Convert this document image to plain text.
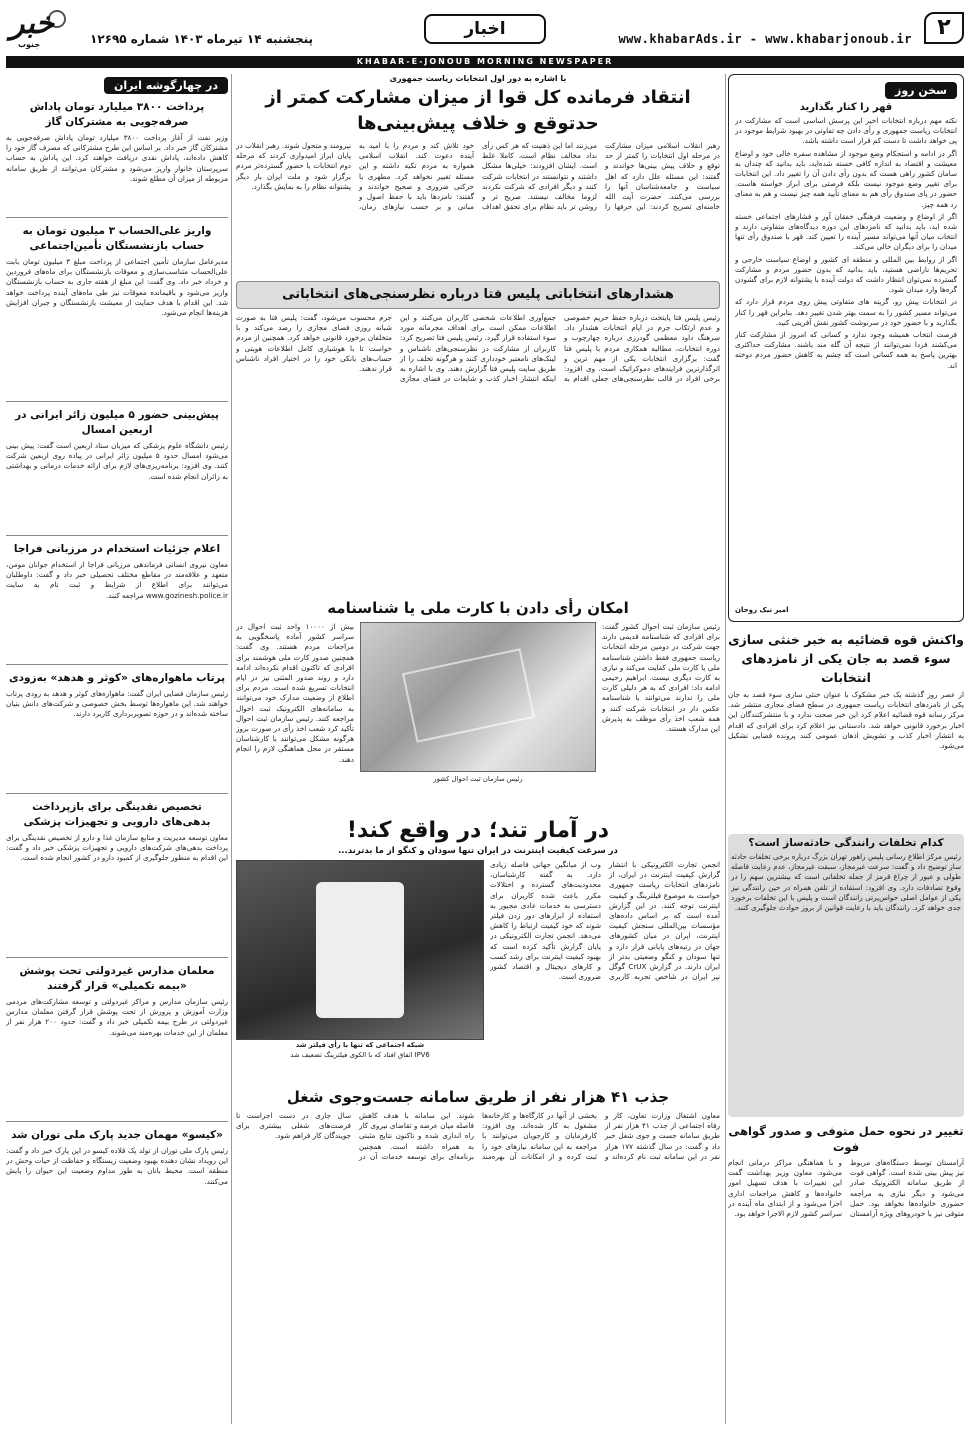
۲
www.khabarAds.ir - www.khabarjonoub.ir
اخبار
پنجشنبه ۱۴ تیرماه ۱۴۰۳ شماره ۱۲۶۹۵
خبر
جنوب
KHABAR-E-JONOUB MORNING NEWSPAPER
سخن روز
قهر را کنار بگذارید

نکته مهم درباره انتخابات اخیر این پرسش اساسی است که مشارکت در انتخابات ریاست جمهوری و رأی دادن چه تفاوتی در بهبود شرایط موجود در پی خواهد داشت تا دست کم قرار است داشته باشد.

اگر در ادامه و استحکام وضع موجود از مشاهده سفره خالی خود و اوضاع معیشت و اقتصاد به اندازه کافی خسته شده‌اید، باید بدانید که چندان به سامان کشور راهی هست که بدون رأی دادن آن را تغییر داد. این انتخابات برای تغییر وضع موجود نیست بلکه فرصتی برای ابراز خواسته هاست. حضور در پای صندوق رأی هم به معنای تأیید همه چیز نیست و هم به معنای رد همه چیز.

اگر از اوضاع و وضعیت فرهنگی خفقان آور و فشارهای اجتماعی خسته شده اید، باید بدانید که نامزدهای این دوره دیدگاه‌های متفاوتی دارند و انتخاب میان آنها می‌تواند مسیر آینده را تعیین کند. قهر با صندوق رأی تنها میدان را برای دیگران خالی می‌کند.

اگر از روابط بین المللی و منطقه ای کشور و اوضاع سیاست خارجی و تحریم‌ها ناراضی هستید، باید بدانید که بدون حضور مردم و مشارکت گسترده نمی‌توان انتظار داشت که دولت آینده با پشتوانه لازم برای گشودن گره‌ها وارد میدان شود.

در انتخابات پیش رو، گزینه های متفاوتی پیش روی مردم قرار دارد که می‌تواند مسیر کشور را به سمت بهتر شدن تغییر دهد. بنابراین قهر را کنار بگذارید و با حضور خود در سرنوشت کشور نقش آفرینی کنید.

فرصت انتخاب همیشه وجود ندارد و کسانی که امروز از مشارکت کنار می‌کشند فردا نمی‌توانند از نتیجه آن گله مند باشند. مشارکت حداکثری بهترین پاسخ به همه کسانی است که چشم به کاهش حضور مردم دوخته اند.

امیر نیک روحان
واکنش قوه قضائیه به خبر خنثی سازی سوء قصد به جان یکی از نامزدهای انتخابات
از عصر روز گذشته یک خبر مشکوک با عنوان خنثی سازی سوء قصد به جان یکی از نامزدهای انتخابات ریاست جمهوری در سطح فضای مجازی منتشر شد. مرکز رسانه قوه قضائیه اعلام کرد این خبر صحت ندارد و با منتشرکنندگان این اخبار برخورد قانونی خواهد شد. دادستانی نیز اعلام کرد برای افرادی که اقدام به انتشار اخبار کذب و تشویش اذهان عمومی کنند پرونده قضایی تشکیل می‌شود.
کدام تخلفات رانندگی حادثه‌ساز است؟
رئیس مرکز اطلاع رسانی پلیس راهور تهران بزرگ درباره برخی تخلفات حادثه ساز توضیح داد و گفت: سرعت غیرمجاز، سبقت غیرمجاز، عدم رعایت فاصله طولی و عبور از چراغ قرمز از جمله تخلفاتی است که بیشترین سهم را در وقوع تصادفات دارد. وی افزود: استفاده از تلفن همراه در حین رانندگی نیز یکی از عوامل اصلی حواس‌پرتی رانندگان است و پلیس با این تخلفات برخورد جدی خواهد کرد. رانندگان باید با رعایت قوانین از بروز حوادث جلوگیری کنند.
تغییر در نحوه حمل متوفی و صدور گواهی فوت
آرامستان توسط دستگاه‌های مربوط نیز پیش بینی شده است. گواهی فوت از طریق سامانه الکترونیک صادر می‌شود و دیگر نیازی به مراجعه حضوری خانواده‌ها نخواهد بود. حمل متوفی نیز با خودروهای ویژه آرامستان و با هماهنگی مراکز درمانی انجام می‌شود. معاون وزیر بهداشت گفت این تغییرات با هدف تسهیل امور خانواده‌ها و کاهش مراجعات اداری اجرا می‌شود و از ابتدای ماه آینده در سراسر کشور لازم الاجرا خواهد بود.
با اشاره به دور اول انتخابات ریاست جمهوری
انتقاد فرمانده کل قوا از میزان مشارکت کمتر از حدتوقع و خلاف پیش‌بینی‌ها
رهبر انقلاب اسلامی میزان مشارکت در مرحله اول انتخابات را کمتر از حد توقع و خلاف پیش بینی‌ها خواندند و گفتند: این مسئله علل دارد که اهل سیاست و جامعه‌شناسان آنها را بررسی می‌کنند. حضرت آیت الله خامنه‌ای تصریح کردند: این حرفها را می‌زنند اما این ذهنیت که هر کس رأی نداد مخالف نظام است، کاملا غلط است. ایشان افزودند: خیلی‌ها مشکل داشتند و نتوانستند در انتخابات شرکت کنند و دیگر افرادی که شرکت نکردند لزوما مخالف نیستند. صریح تر و روشن تر باید نظام برای تحقق اهداف خود تلاش کند و مردم را با امید به آینده دعوت کند. انقلاب اسلامی همواره به مردم تکیه داشته و این مسئله تغییر نخواهد کرد. مطهری با حرکتی ضروری و صحیح خواندند و گفتند: نامزدها باید با حفظ اصول و مبانی و بر حسب نیازهای زمان، نیرومند و متحول شوند. رهبر انقلاب در پایان ابراز امیدواری کردند که مرحله دوم انتخابات با حضور گسترده‌تر مردم برگزار شود و ملت ایران بار دیگر پشتوانه نظام را به نمایش بگذارد.
هشدارهای انتخاباتی پلیس فتا درباره نظرسنجی‌های انتخاباتی
رئیس پلیس فتا پایتخت درباره حفظ حریم خصوصی و عدم ارتکاب جرم در ایام انتخابات هشدار داد. سرهنگ داود معظمی گودرزی درباره چهارچوب و دوره انتخابات، مطالبه همکاری مردم با پلیس فتا گفت: برگزاری انتخابات یکی از مهم ترین و اثرگذارترین فرایندهای دموکراتیک است. وی افزود: برخی افراد در قالب نظرسنجی‌های جعلی اقدام به جمع‌آوری اطلاعات شخصی کاربران می‌کنند و این اطلاعات ممکن است برای اهداف مجرمانه مورد سوء استفاده قرار گیرد. رئیس پلیس فتا تصریح کرد: کاربران از مشارکت در نظرسنجی‌های ناشناس و لینک‌های نامعتبر خودداری کنند و هرگونه تخلف را از طریق سایت پلیس فتا گزارش دهند. وی با اشاره به اینکه انتشار اخبار کذب و شایعات در فضای مجازی جرم محسوب می‌شود، گفت: پلیس فتا به صورت شبانه روزی فضای مجازی را رصد می‌کند و با متخلفان برخورد قانونی خواهد کرد. همچنین از مردم خواست تا با هوشیاری کامل اطلاعات هویتی و حساب‌های بانکی خود را در اختیار افراد ناشناس قرار ندهند.
امکان رأی دادن با کارت ملی یا شناسنامه
رئیس سازمان ثبت احوال کشور گفت: برای افرادی که شناسنامه قدیمی دارند جهت شرکت در دومین مرحله انتخابات ریاست جمهوری فقط داشتن شناسنامه ملی یا کارت ملی کفایت می‌کند و نیازی به کارت دیگری نیست. ابراهیم رحیمی ادامه داد: افرادی که به هر دلیلی کارت ملی را ندارند می‌توانند با شناسنامه عکس دار در انتخابات شرکت کنند و همه شعب اخذ رأی موظف به پذیرش این مدارک هستند.
رئیس سازمان ثبت احوال کشور
بیش از ۱۰۰۰۰ واحد ثبت احوال در سراسر کشور آماده پاسخگویی به مراجعات مردم هستند. وی گفت: همچنین صدور کارت ملی هوشمند برای افرادی که تاکنون اقدام نکرده‌اند ادامه دارد و روند صدور المثنی نیز در ایام انتخابات تسریع شده است. مردم برای اطلاع از وضعیت مدارک خود می‌توانند به سامانه‌های الکترونیک ثبت احوال مراجعه کنند. رئیس سازمان ثبت احوال تأکید کرد شعب اخذ رأی در صورت بروز هرگونه مشکل می‌توانند با کارشناسان مستقر در محل هماهنگی لازم را انجام دهند.
در آمار تند؛ در واقع کند!
در سرعت کیفیت اینترنت در ایران تنها سودان و کنگو از ما بدترند...
انجمن تجارت الکترونیکی با انتشار گزارش کیفیت اینترنت در ایران، از نامزدهای انتخابات ریاست جمهوری خواست به موضوع فیلترینگ و کیفیت اینترنت توجه کنند. در این گزارش آمده است که بر اساس داده‌های مؤسسات بین‌المللی سنجش کیفیت اینترنت، ایران در میان کشورهای جهان در رتبه‌های پایانی قرار دارد و تنها سودان و کنگو وضعیتی بدتر از ایران دارند. در گزارش CrUX گوگل نیز ایران در شاخص تجربه کاربری وب از میانگین جهانی فاصله زیادی دارد. به گفته کارشناسان، محدودیت‌های گسترده و اختلالات مکرر باعث شده کاربران برای دسترسی به خدمات عادی مجبور به استفاده از ابزارهای دور زدن فیلتر شوند که خود کیفیت ارتباط را کاهش می‌دهد. انجمن تجارت الکترونیکی در پایان گزارش تأکید کرده است که بهبود کیفیت اینترنت برای رشد کسب و کارهای دیجیتال و اقتصاد کشور ضروری است.
شبکه اجتماعی که تنها با رأی فیلتر شد
IPV6 اتفاق افتاد که با الکوی فیلترینگ تضعیف شد
جذب ۴۱ هزار نفر از طریق سامانه جست‌وجوی شغل
معاون اشتغال وزارت تعاون، کار و رفاه اجتماعی از جذب ۴۱ هزار نفر از طریق سامانه جست و جوی شغل خبر داد و گفت: در سال گذشته ۱۷۷ هزار نفر در این سامانه ثبت نام کرده‌اند و بخشی از آنها در کارگاه‌ها و کارخانه‌ها مشغول به کار شده‌اند. وی افزود: کارفرمایان و کارجویان می‌توانند با مراجعه به این سامانه نیازهای خود را ثبت کرده و از امکانات آن بهره‌مند شوند. این سامانه با هدف کاهش فاصله میان عرضه و تقاضای نیروی کار راه اندازی شده و تاکنون نتایج مثبتی به همراه داشته است. همچنین برنامه‌ای برای توسعه خدمات آن در سال جاری در دست اجراست تا فرصت‌های شغلی بیشتری برای جویندگان کار فراهم شود.
در چهارگوشه ایران
پرداخت ۳۸۰۰ میلیارد تومان پاداش صرفه‌جویی به مشترکان گاز
وزیر نفت از آغاز پرداخت ۳۸۰۰ میلیارد تومان پاداش صرفه‌جویی به مشترکان گاز خبر داد. بر اساس این طرح مشترکانی که مصرف گاز خود را کاهش داده‌اند، پاداش نقدی دریافت خواهند کرد. این پاداش به حساب سرپرستان خانوار واریز می‌شود و مشترکان می‌توانند از طریق سامانه مربوطه از میزان آن مطلع شوند.
واریز علی‌الحساب ۳ میلیون تومان به حساب بازنشستگان تأمین‌اجتماعی
مدیرعامل سازمان تأمین اجتماعی از پرداخت مبلغ ۳ میلیون تومان بابت علی‌الحساب متناسب‌سازی و معوقات بازنشستگان برای ماه‌های فروردین و خرداد خبر داد. وی گفت: این مبلغ از هفته جاری به حساب بازنشستگان واریز می‌شود و باقیمانده معوقات نیز طی ماه‌های آینده پرداخت خواهد شد. این اقدام با هدف حمایت از معیشت بازنشستگان و جبران افزایش هزینه‌ها انجام می‌شود.
پیش‌بینی حضور ۵ میلیون زائر ایرانی در اربعین امسال
رئیس دانشگاه علوم پزشکی که میزبان ستاد اربعین است گفت: پیش بینی می‌شود امسال حدود ۵ میلیون زائر ایرانی در پیاده روی اربعین شرکت کنند. وی افزود: برنامه‌ریزی‌های لازم برای ارائه خدمات درمانی و بهداشتی به زائران انجام شده است.
اعلام جزئیات استخدام در مرزبانی فراجا
معاون نیروی انسانی فرماندهی مرزبانی فراجا از استخدام جوانان مومن، متعهد و علاقه‌مند در مقاطع مختلف تحصیلی خبر داد و گفت: داوطلبان می‌توانند برای اطلاع از شرایط و ثبت نام به سایت www.gozinesh.police.ir مراجعه کنند.
پرتاب ماهواره‌های «کوثر و هدهد» به‌زودی
رئیس سازمان فضایی ایران گفت: ماهواره‌های کوثر و هدهد به زودی پرتاب خواهند شد. این ماهواره‌ها توسط بخش خصوصی و شرکت‌های دانش بنیان ساخته شده‌اند و در حوزه تصویربرداری کاربرد دارند.
تخصیص نقدینگی برای بازپرداخت بدهی‌های دارویی و تجهیزات پزشکی
معاون توسعه مدیریت و منابع سازمان غذا و دارو از تخصیص نقدینگی برای پرداخت بدهی‌های شرکت‌های دارویی و تجهیزات پزشکی خبر داد و گفت: این اقدام به منظور جلوگیری از کمبود دارو در کشور انجام شده است.
معلمان مدارس غیردولتی تحت پوشش «بیمه تکمیلی» قرار گرفتند
رئیس سازمان مدارس و مراکز غیردولتی و توسعه مشارکت‌های مردمی وزارت آموزش و پرورش از تحت پوشش قرار گرفتن معلمان مدارس غیردولتی در طرح بیمه تکمیلی خبر داد و گفت: حدود ۲۰۰ هزار نفر از معلمان از این خدمات بهره‌مند می‌شوند.
«کیسو» مهمان جدید پارک ملی توران شد
رئیس پارک ملی توران از تولد یک قلاده کیسو در این پارک خبر داد و گفت: این رویداد نشان دهنده بهبود وضعیت زیستگاه و حفاظت از حیات وحش در منطقه است. محیط بانان به طور مداوم وضعیت این حیوان را پایش می‌کنند.
